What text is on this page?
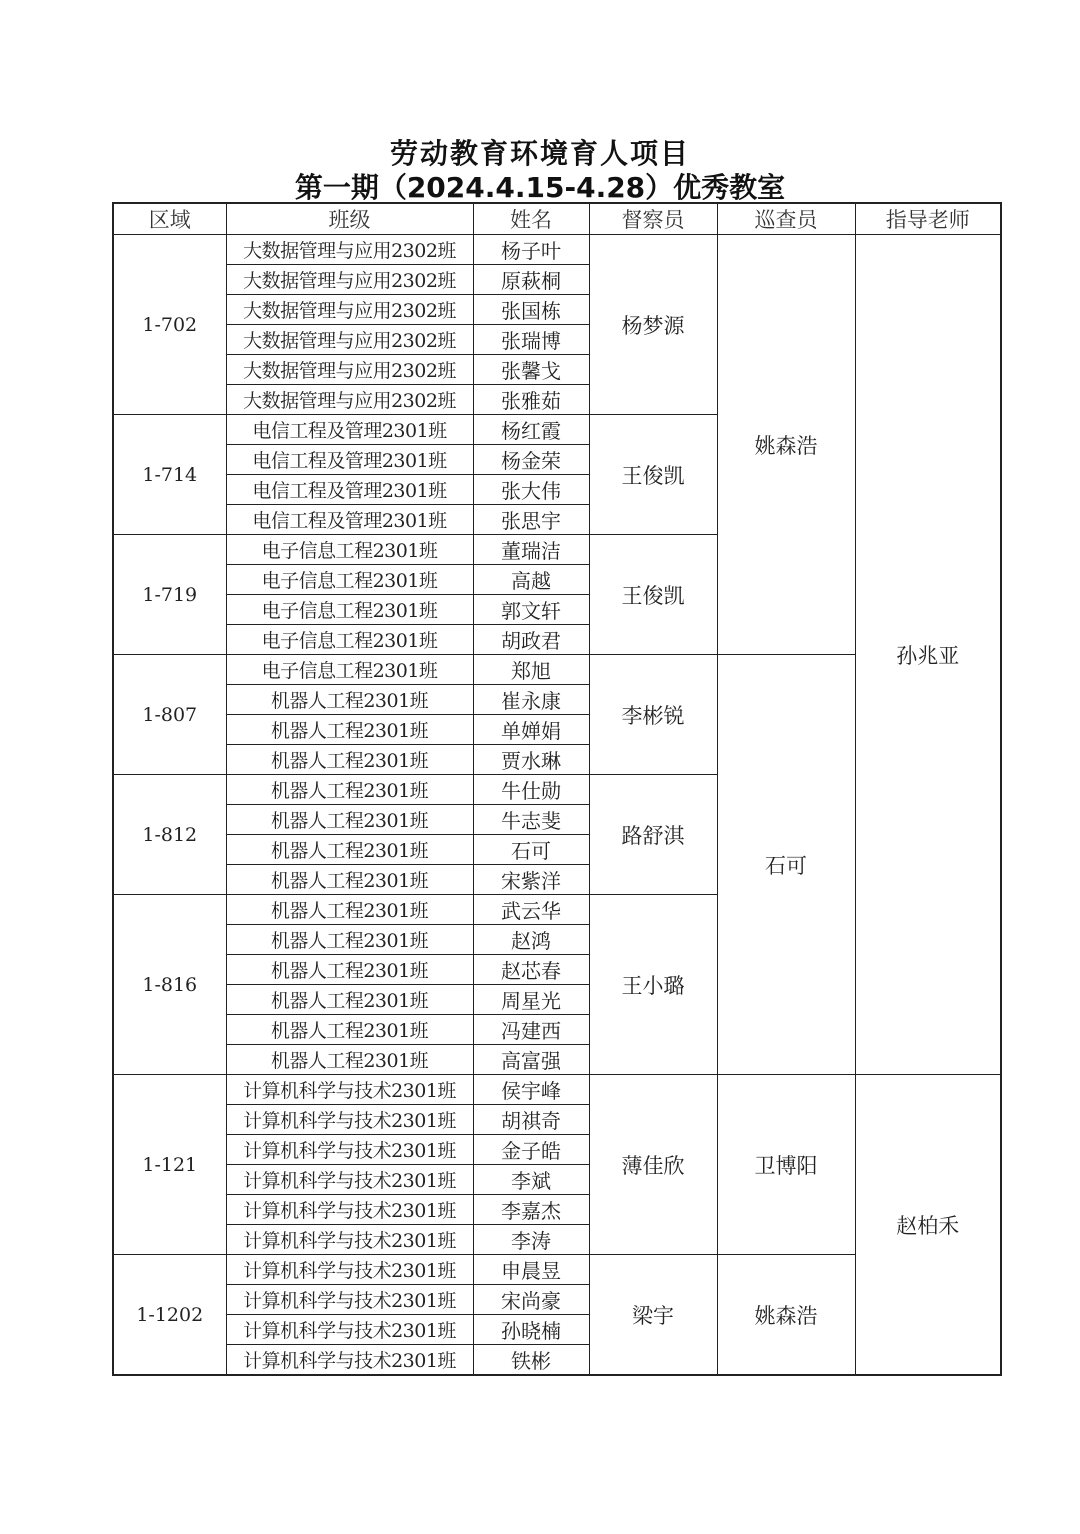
劳动教育环境育人项目
第一期（2024.4.15-4.28）优秀教室
区域	班级	姓名	督察员	巡查员	指导老师
1-702	大数据管理与应用2302班	杨子叶	杨梦源	姚森浩	孙兆亚
	大数据管理与应用2302班	原萩桐			
	大数据管理与应用2302班	张国栋			
	大数据管理与应用2302班	张瑞博			
	大数据管理与应用2302班	张馨戈			
	大数据管理与应用2302班	张雅茹			
1-714	电信工程及管理2301班	杨红霞	王俊凯		
	电信工程及管理2301班	杨金荣			
	电信工程及管理2301班	张大伟			
	电信工程及管理2301班	张思宇			
1-719	电子信息工程2301班	董瑞洁	王俊凯		
	电子信息工程2301班	高越			
	电子信息工程2301班	郭文轩			
	电子信息工程2301班	胡政君			
1-807	电子信息工程2301班	郑旭	李彬锐	石可	
	机器人工程2301班	崔永康			
	机器人工程2301班	单婵娟			
	机器人工程2301班	贾水琳			
1-812	机器人工程2301班	牛仕勋	路舒淇		
	机器人工程2301班	牛志斐			
	机器人工程2301班	石可			
	机器人工程2301班	宋紫洋			
1-816	机器人工程2301班	武云华	王小璐		
	机器人工程2301班	赵鸿			
	机器人工程2301班	赵芯春			
	机器人工程2301班	周星光			
	机器人工程2301班	冯建西			
	机器人工程2301班	高富强			
1-121	计算机科学与技术2301班	侯宇峰	薄佳欣	卫博阳	赵柏禾
	计算机科学与技术2301班	胡祺奇			
	计算机科学与技术2301班	金子皓			
	计算机科学与技术2301班	李斌			
	计算机科学与技术2301班	李嘉杰			
	计算机科学与技术2301班	李涛			
1-1202	计算机科学与技术2301班	申晨昱	梁宇	姚森浩	
	计算机科学与技术2301班	宋尚豪			
	计算机科学与技术2301班	孙晓楠			
	计算机科学与技术2301班	铁彬			
